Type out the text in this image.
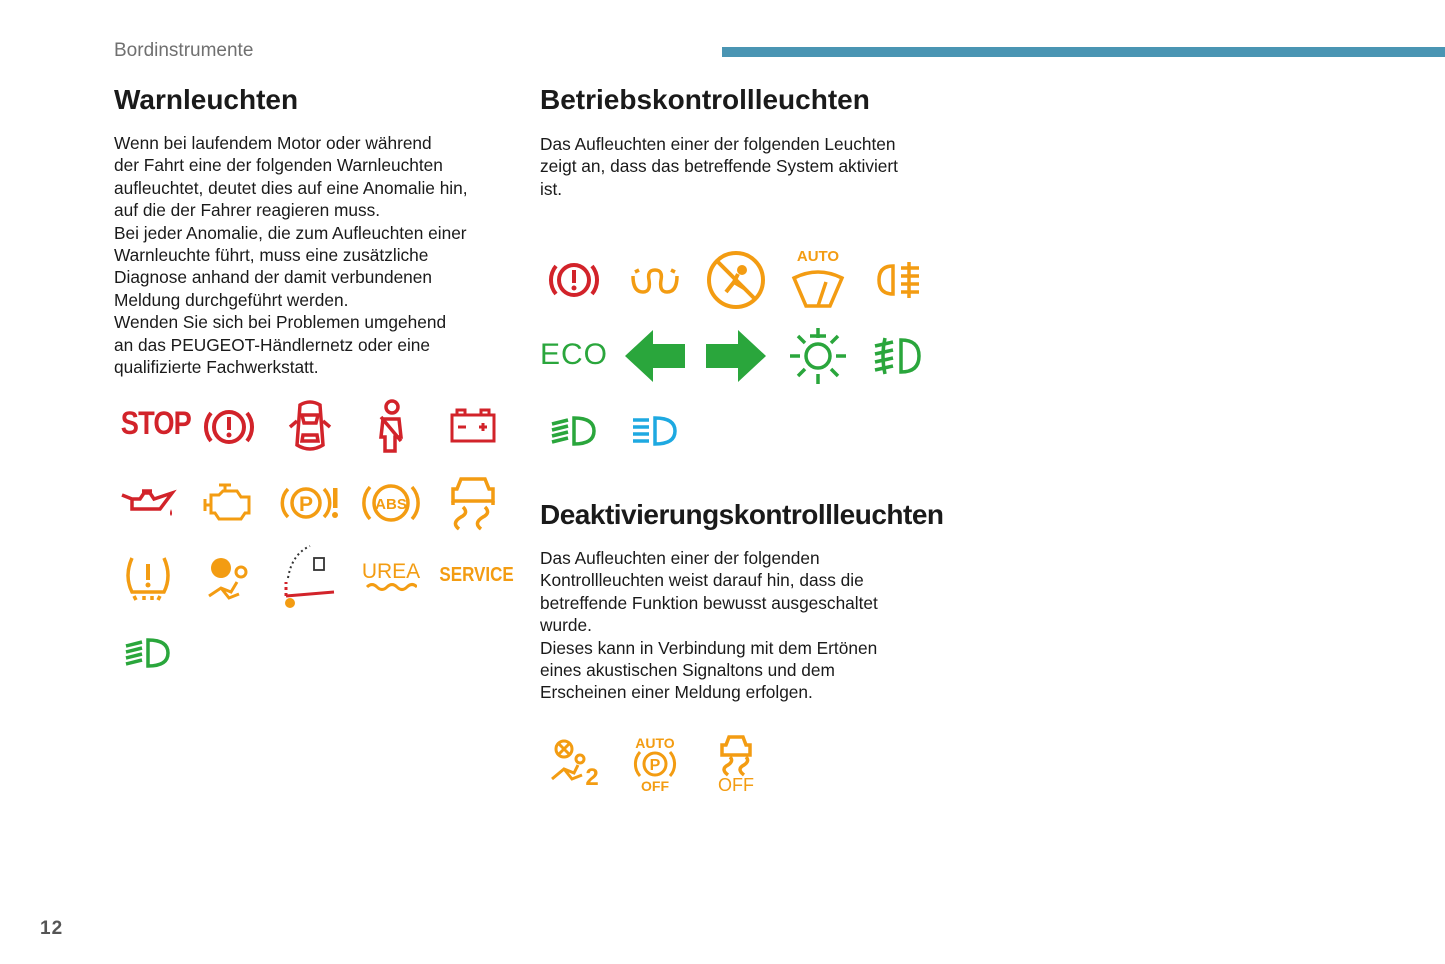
Bordinstrumente
Warnleuchten

Wenn bei laufendem Motor oder während
der Fahrt eine der folgenden Warnleuchten
aufleuchtet, deutet dies auf eine Anomalie hin,
auf die der Fahrer reagieren muss.
Bei jeder Anomalie, die zum Aufleuchten einer
Warnleuchte führt, muss eine zusätzliche
Diagnose anhand der damit verbundenen
Meldung durchgeführt werden.
Wenden Sie sich bei Problemen umgehend
an das PEUGEOT-Händlernetz oder eine
qualifizierte Fachwerkstatt.

STOP
P	ABS
UREA SERVICE
Betriebskontrollleuchten

Das Aufleuchten einer der folgenden Leuchten
zeigt an, dass das betreffende System aktiviert
ist.

AUTO
ECO
Deaktivierungskontrollleuchten

Das Aufleuchten einer der folgenden
Kontrollleuchten weist darauf hin, dass die
betreffende Funktion bewusst ausgeschaltet
wurde.
Dieses kann in Verbindung mit dem Ertönen
eines akustischen Signaltons und dem
Erscheinen einer Meldung erfolgen.

2
AUTO
P
OFF	OFF
12
